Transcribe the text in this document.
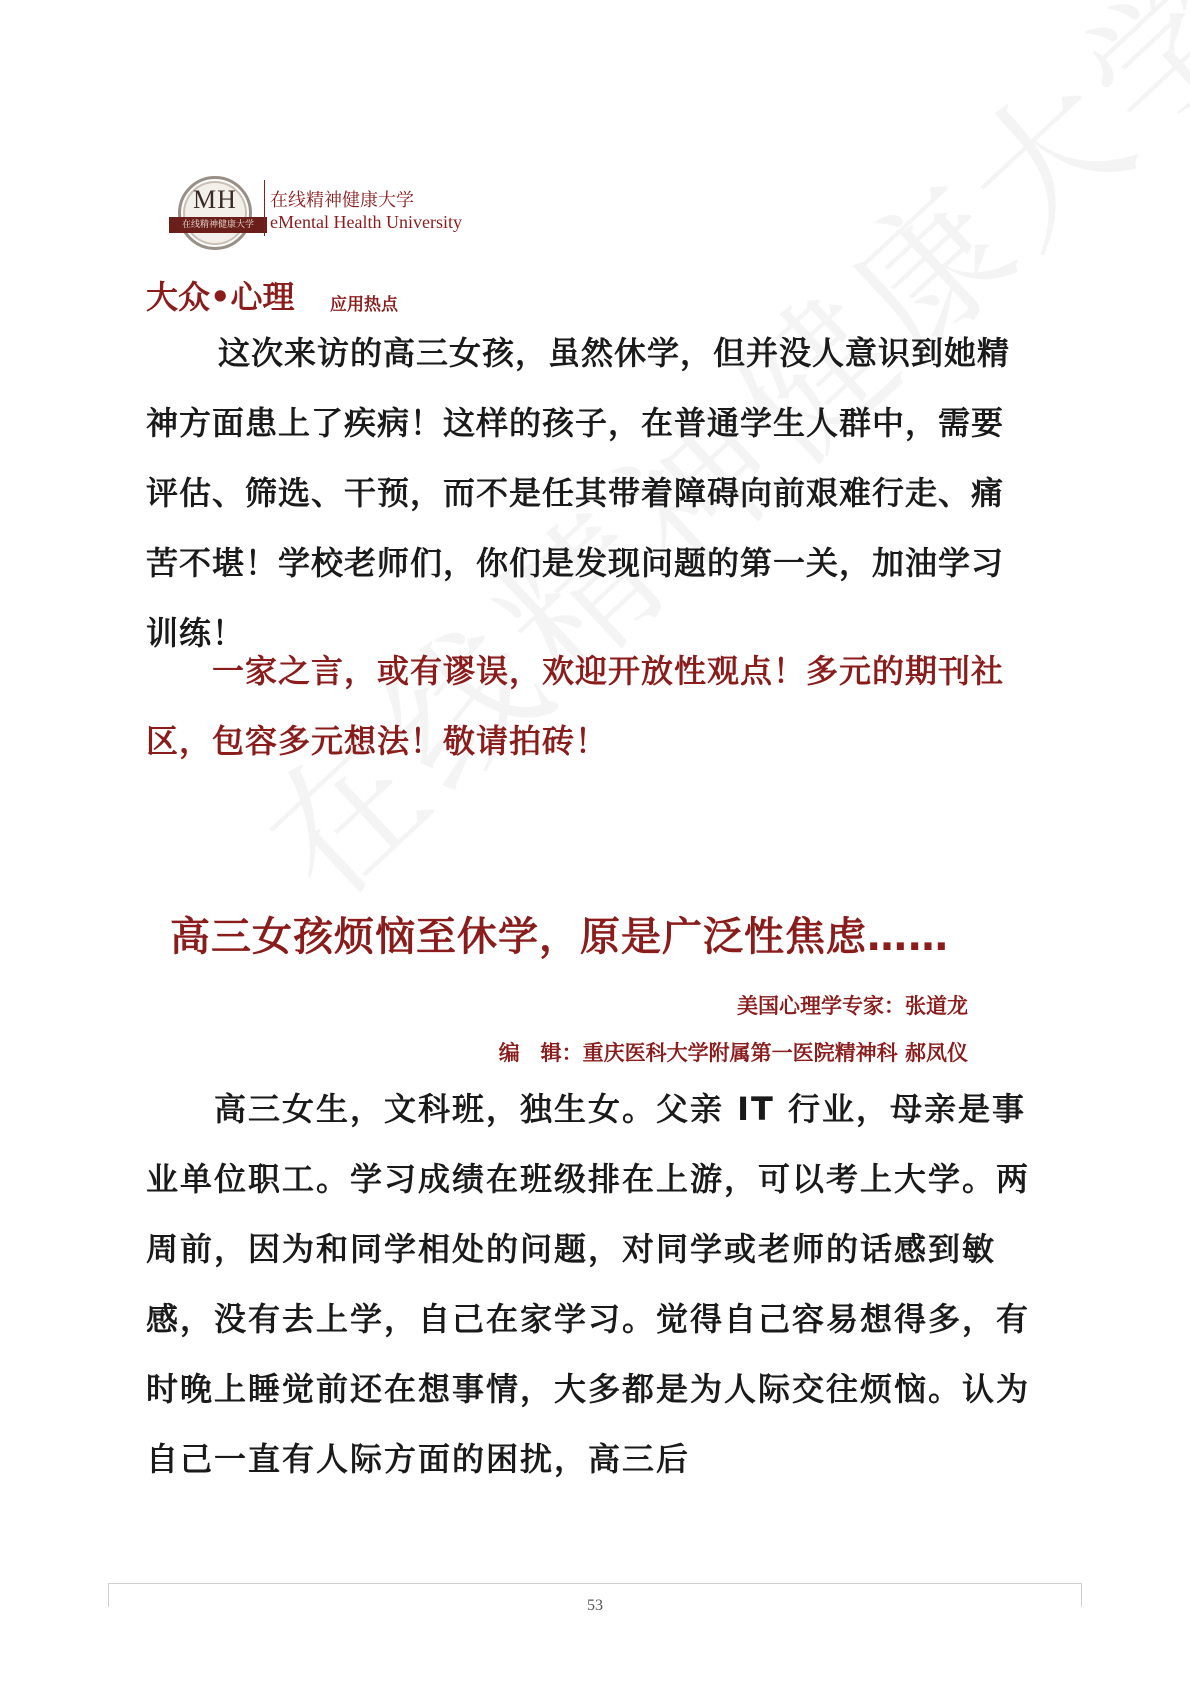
MH
在线精神健康大学
在线精神健康大学
eMental Health University
大众•心理 应用热点

这次来访的高三女孩，虽然休学，但并没人意识到她精神方面患上了疾病！这样的孩子，在普通学生人群中，需要评估、筛选、干预，而不是任其带着障碍向前艰难行走、痛苦不堪！学校老师们，你们是发现问题的第一关，加油学习训练！

一家之言，或有谬误，欢迎开放性观点！多元的期刊社区，包容多元想法！敬请拍砖！

高三女孩烦恼至休学，原是广泛性焦虑……
美国心理学专家：张道龙
编　辑：重庆医科大学附属第一医院精神科 郝凤仪

高三女生，文科班，独生女。父亲 IT 行业，母亲是事业单位职工。学习成绩在班级排在上游，可以考上大学。两周前，因为和同学相处的问题，对同学或老师的话感到敏感，没有去上学，自己在家学习。觉得自己容易想得多，有时晚上睡觉前还在想事情，大多都是为人际交往烦恼。认为自己一直有人际方面的困扰，高三后

53
